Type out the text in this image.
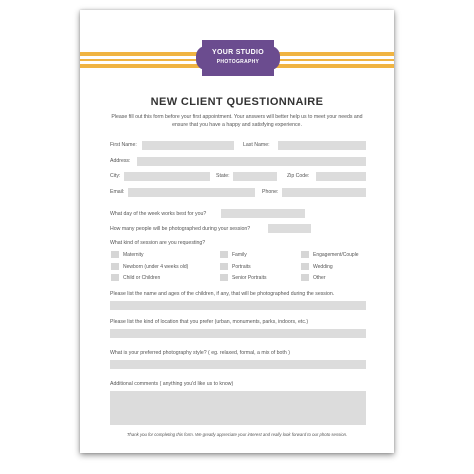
YOUR STUDIO
PHOTOGRAPHY
NEW CLIENT QUESTIONNAIRE
Please fill out this form before your first appointment. Your answers will better help us to meet your needs and ensure that you have a happy and satisfying experience.
First Name:	Last Name:
Address:
City:	State:	Zip Code:
Email:	Phone:
What day of the week works best for you?
How many people will be photographed during your session?
What kind of session are you requesting?
Maternity	Family	Engagement/Couple
Newborn (under 4 weeks old)	Portraits	Wedding
Child or Children	Senior Portraits	Other
Please list the name and ages of the children, if any, that will be photographed during the session.
Please list the kind of location that you prefer (urban, monuments, parks, indoors, etc.)
What is your preferred photography style? ( eg. relaxed, formal, a mix of both )
Additional comments ( anything you'd like us to know)
Thank you for completing this form. We greatly appreciate your interest and really look forward to our photo session.
